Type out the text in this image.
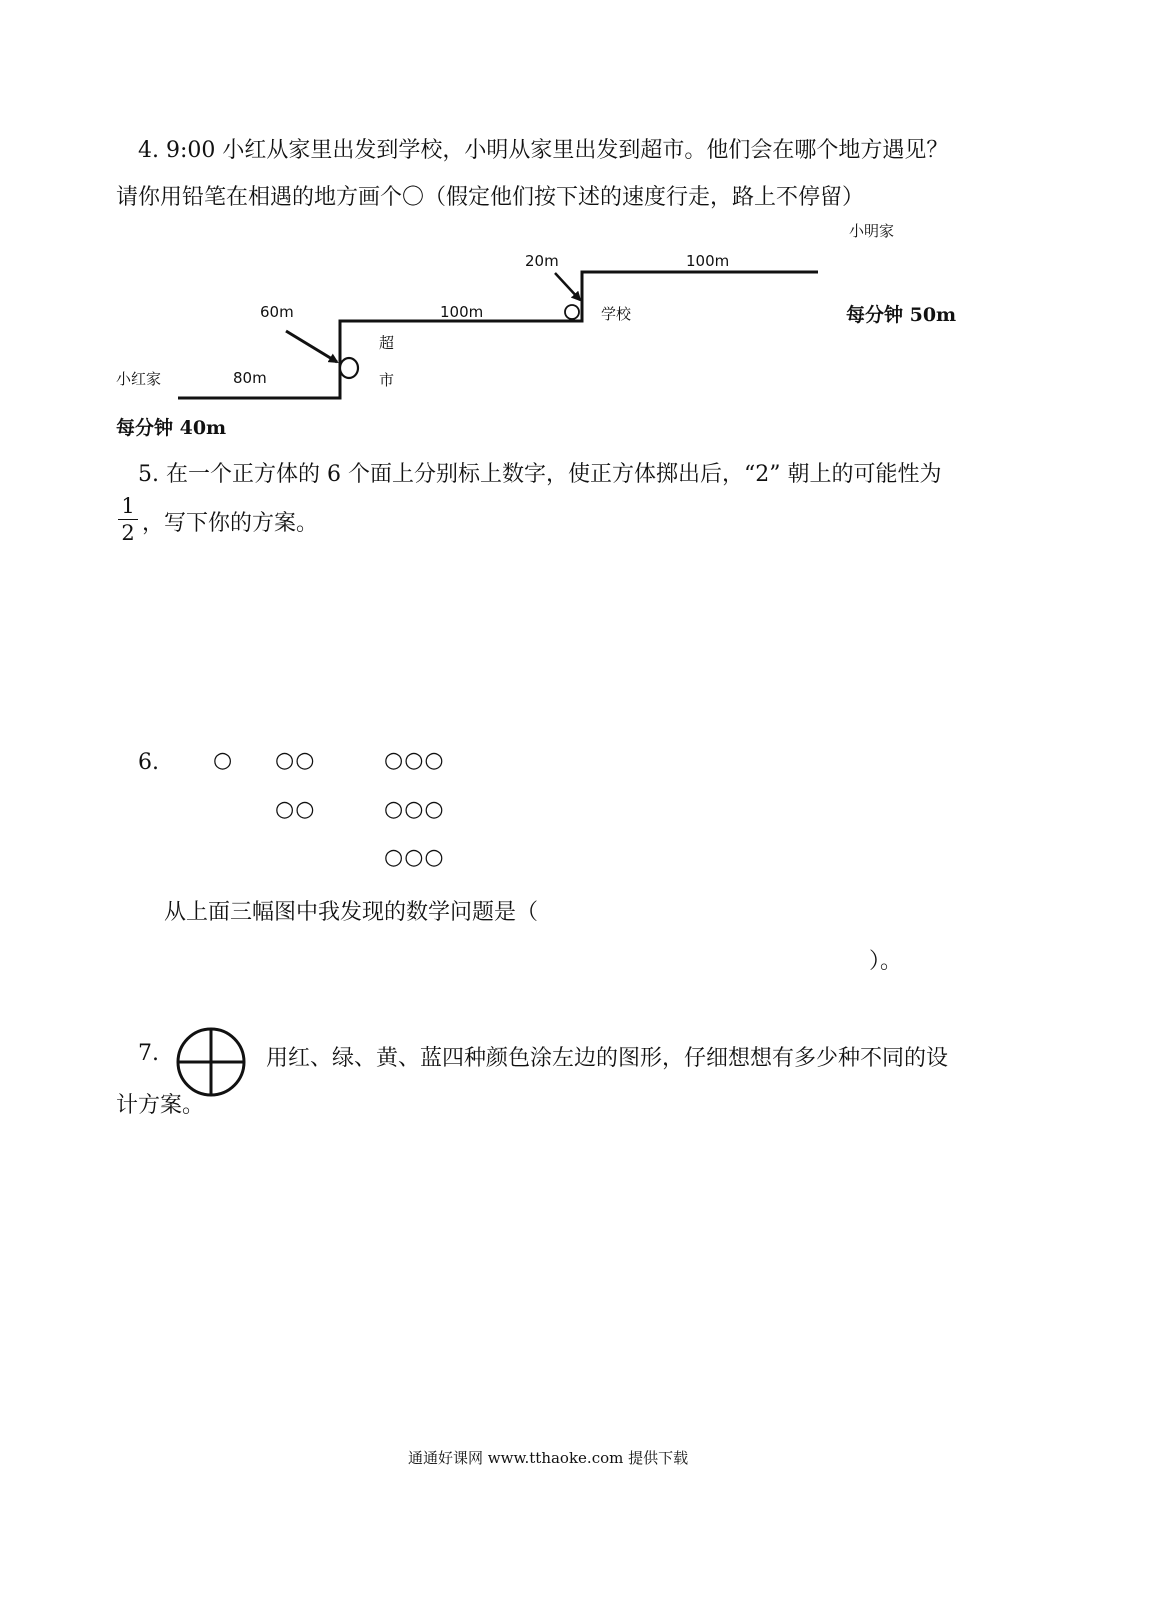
4. 9:00 小红从家里出发到学校，小明从家里出发到超市。他们会在哪个地方遇见？
请你用铅笔在相遇的地方画个〇（假定他们按下述的速度行走，路上不停留）
小明家
20m	100m
学校	每分钟 50m
60m	100m
超
市
小红家	80m
每分钟 40m
5. 在一个正方体的 6 个面上分别标上数字，使正方体掷出后，“2” 朝上的可能性为
1
2 ，写下你的方案。
6. ○ ○○
○○
○○○
○○○
○○○
从上面三幅图中我发现的数学问题是（
）。
7.	用红、绿、黄、蓝四种颜色涂左边的图形，仔细想想有多少种不同的设
计方案。
通通好课网 www.tthaoke.com 提供下载
